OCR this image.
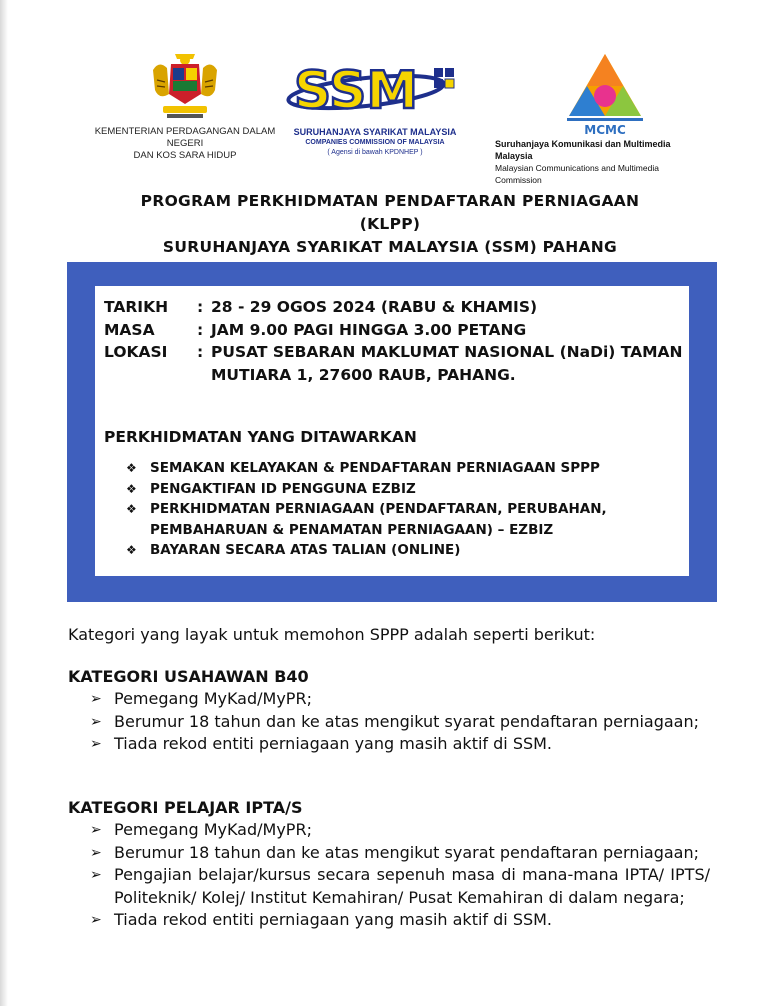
KEMENTERIAN PERDAGANGAN DALAM NEGERI
DAN KOS SARA HIDUP
SSM
SURUHANJAYA SYARIKAT MALAYSIA
COMPANIES COMMISSION OF MALAYSIA
( Agensi di bawah KPDNHEP )
MCMC
Suruhanjaya Komunikasi dan Multimedia Malaysia
Malaysian Communications and Multimedia Commission
PROGRAM PERKHIDMATAN PENDAFTARAN PERNIAGAAN
(KLPP)
SURUHANJAYA SYARIKAT MALAYSIA (SSM) PAHANG
TARIKH	: 28 - 29 OGOS 2024 (RABU & KHAMIS)
MASA	: JAM 9.00 PAGI HINGGA 3.00 PETANG
LOKASI	: PUSAT SEBARAN MAKLUMAT NASIONAL (NaDi) TAMAN MUTIARA 1, 27600 RAUB, PAHANG.
PERKHIDMATAN YANG DITAWARKAN
❖ SEMAKAN KELAYAKAN & PENDAFTARAN PERNIAGAAN SPPP
❖ PENGAKTIFAN ID PENGGUNA EZBIZ
❖ PERKHIDMATAN PERNIAGAAN (PENDAFTARAN, PERUBAHAN, PEMBAHARUAN & PENAMATAN PERNIAGAAN) – EZBIZ
❖ BAYARAN SECARA ATAS TALIAN (ONLINE)
Kategori yang layak untuk memohon SPPP adalah seperti berikut:
KATEGORI USAHAWAN B40
➢ Pemegang MyKad/MyPR;
➢ Berumur 18 tahun dan ke atas mengikut syarat pendaftaran perniagaan;
➢ Tiada rekod entiti perniagaan yang masih aktif di SSM.
KATEGORI PELAJAR IPTA/S
➢ Pemegang MyKad/MyPR;
➢ Berumur 18 tahun dan ke atas mengikut syarat pendaftaran perniagaan;
➢ Pengajian belajar/kursus secara sepenuh masa di mana-mana IPTA/ IPTS/ Politeknik/ Kolej/ Institut Kemahiran/ Pusat Kemahiran di dalam negara;
➢ Tiada rekod entiti perniagaan yang masih aktif di SSM.
